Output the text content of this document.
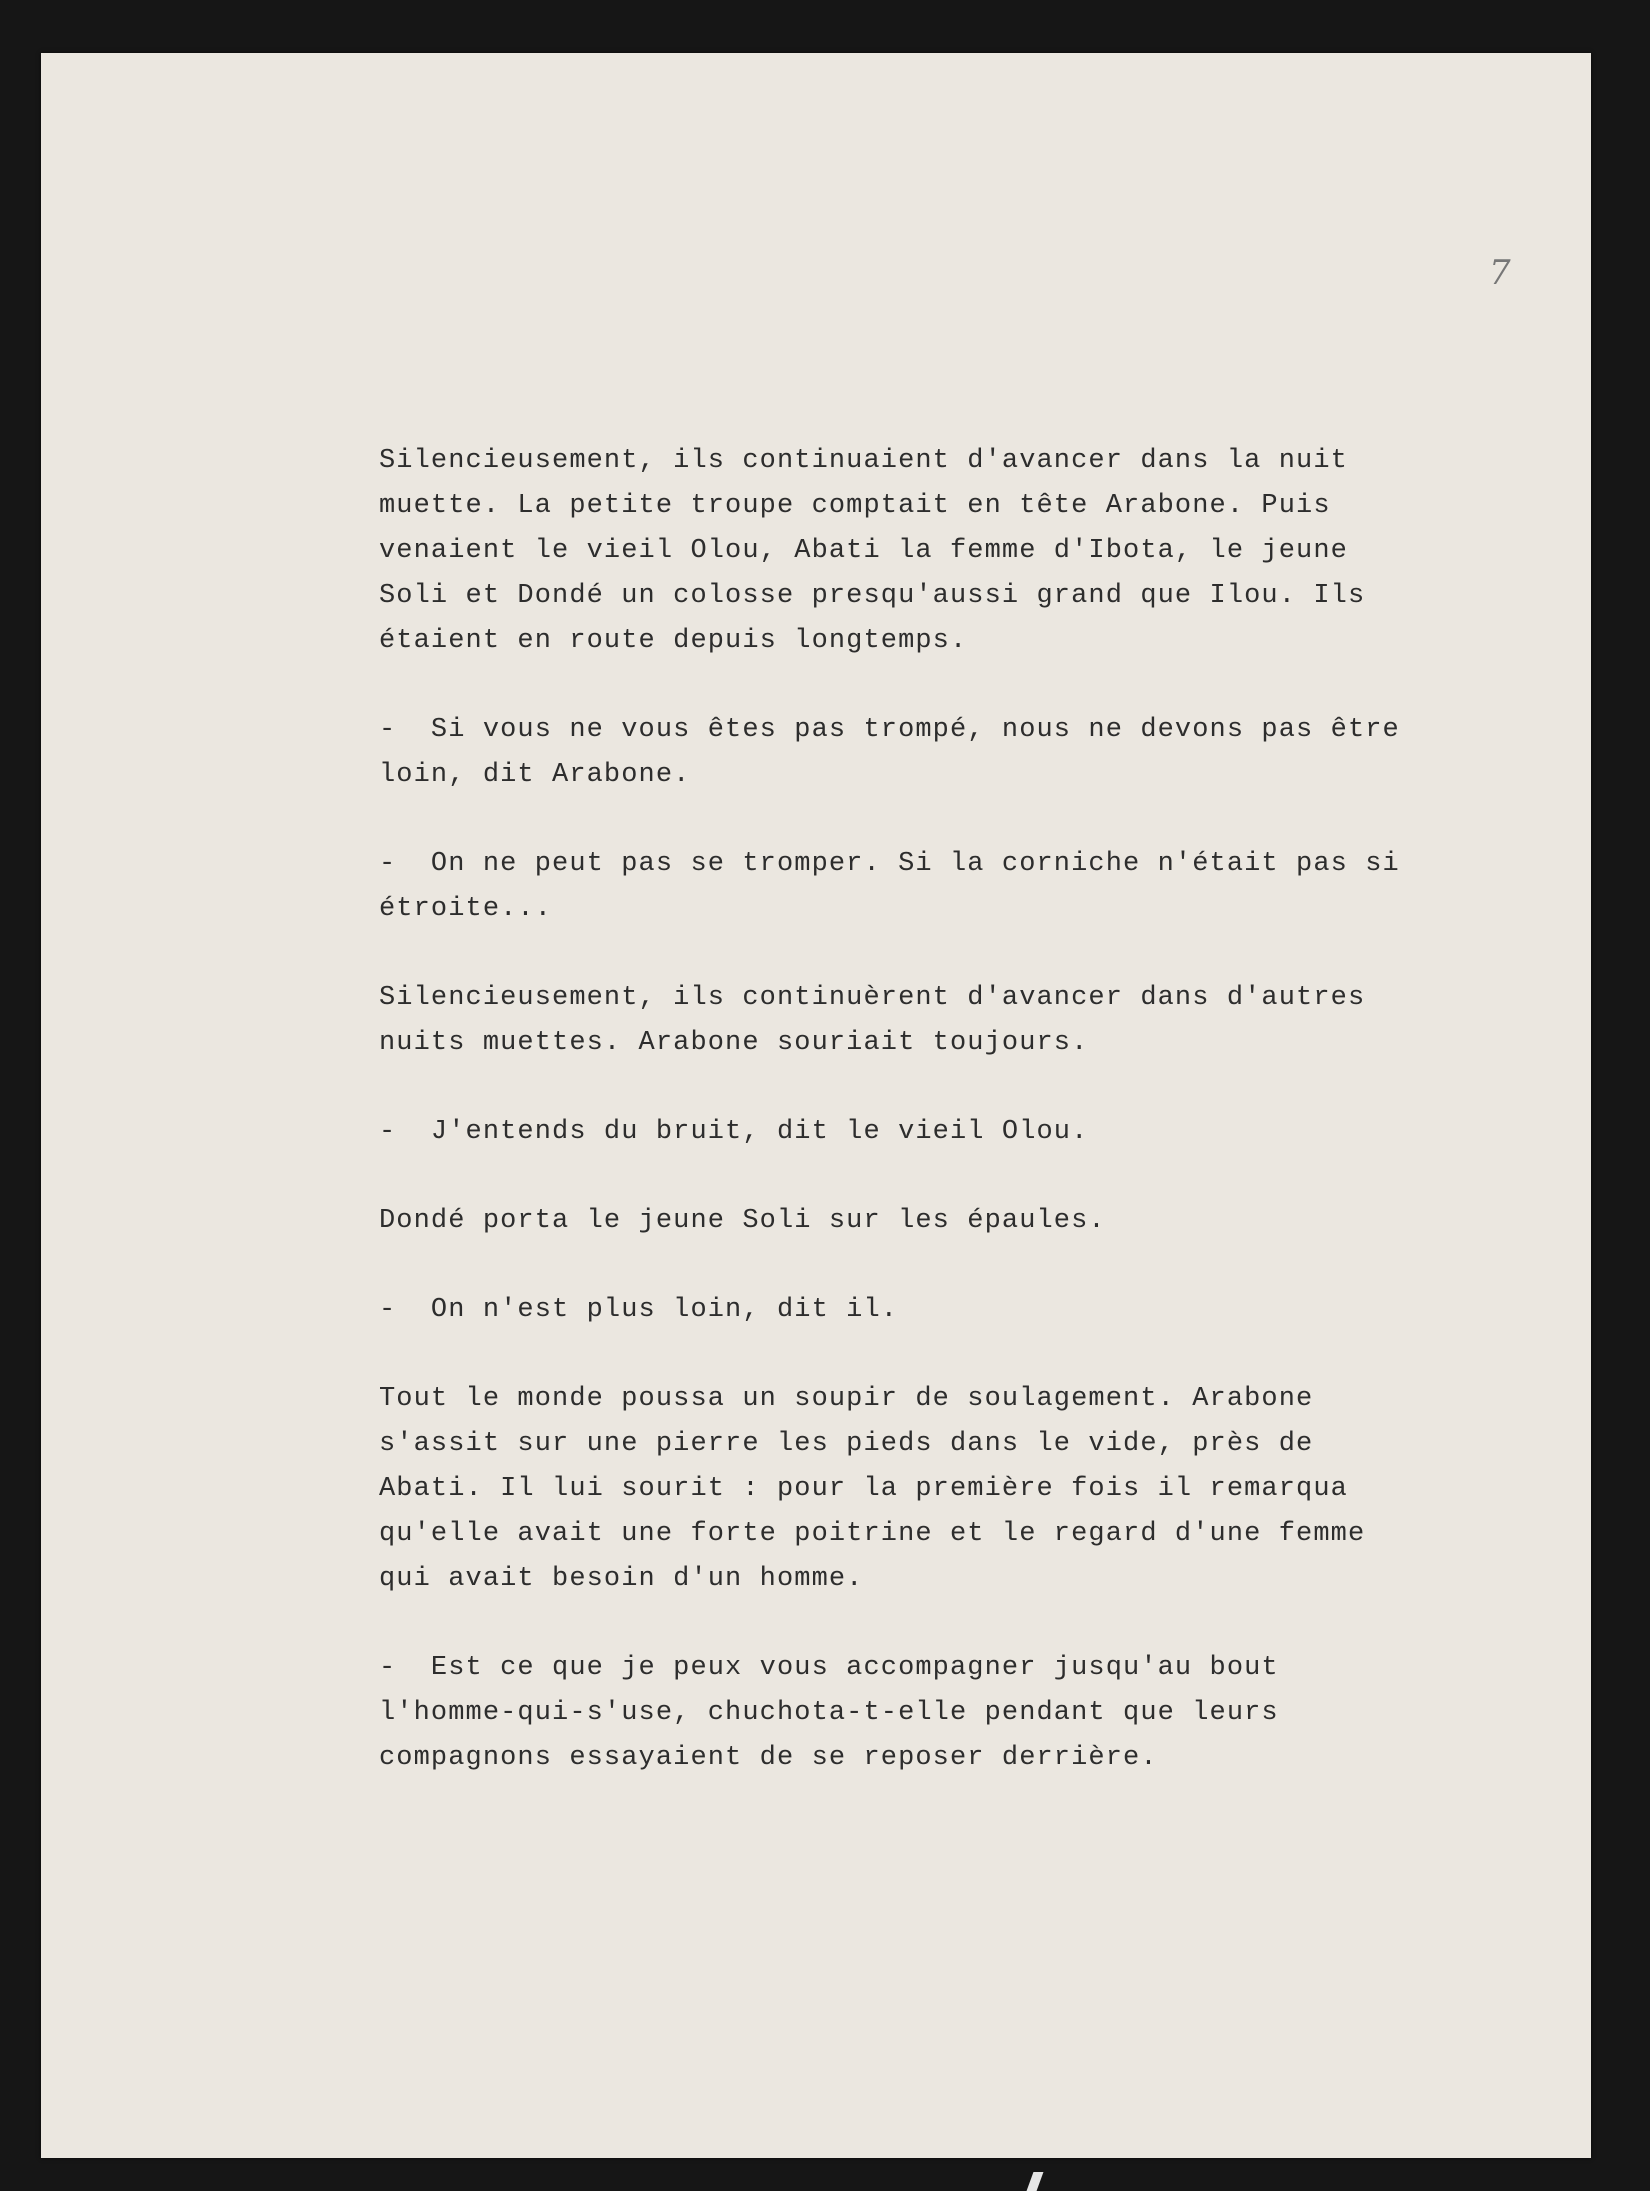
7
Silencieusement, ils continuaient d'avancer dans la nuit
muette. La petite troupe comptait en tête Arabone. Puis
venaient le vieil Olou, Abati la femme d'Ibota, le jeune
Soli et Dondé un colosse presqu'aussi grand que Ilou. Ils
étaient en route depuis longtemps.
-  Si vous ne vous êtes pas trompé, nous ne devons pas être
loin, dit Arabone.
-  On ne peut pas se tromper. Si la corniche n'était pas si
étroite...
Silencieusement, ils continuèrent d'avancer dans d'autres
nuits muettes. Arabone souriait toujours.
-  J'entends du bruit, dit le vieil Olou.
Dondé porta le jeune Soli sur les épaules.
-  On n'est plus loin, dit il.
Tout le monde poussa un soupir de soulagement. Arabone
s'assit sur une pierre les pieds dans le vide, près de
Abati. Il lui sourit : pour la première fois il remarqua
qu'elle avait une forte poitrine et le regard d'une femme
qui avait besoin d'un homme.
-  Est ce que je peux vous accompagner jusqu'au bout
l'homme-qui-s'use, chuchota-t-elle pendant que leurs
compagnons essayaient de se reposer derrière.
